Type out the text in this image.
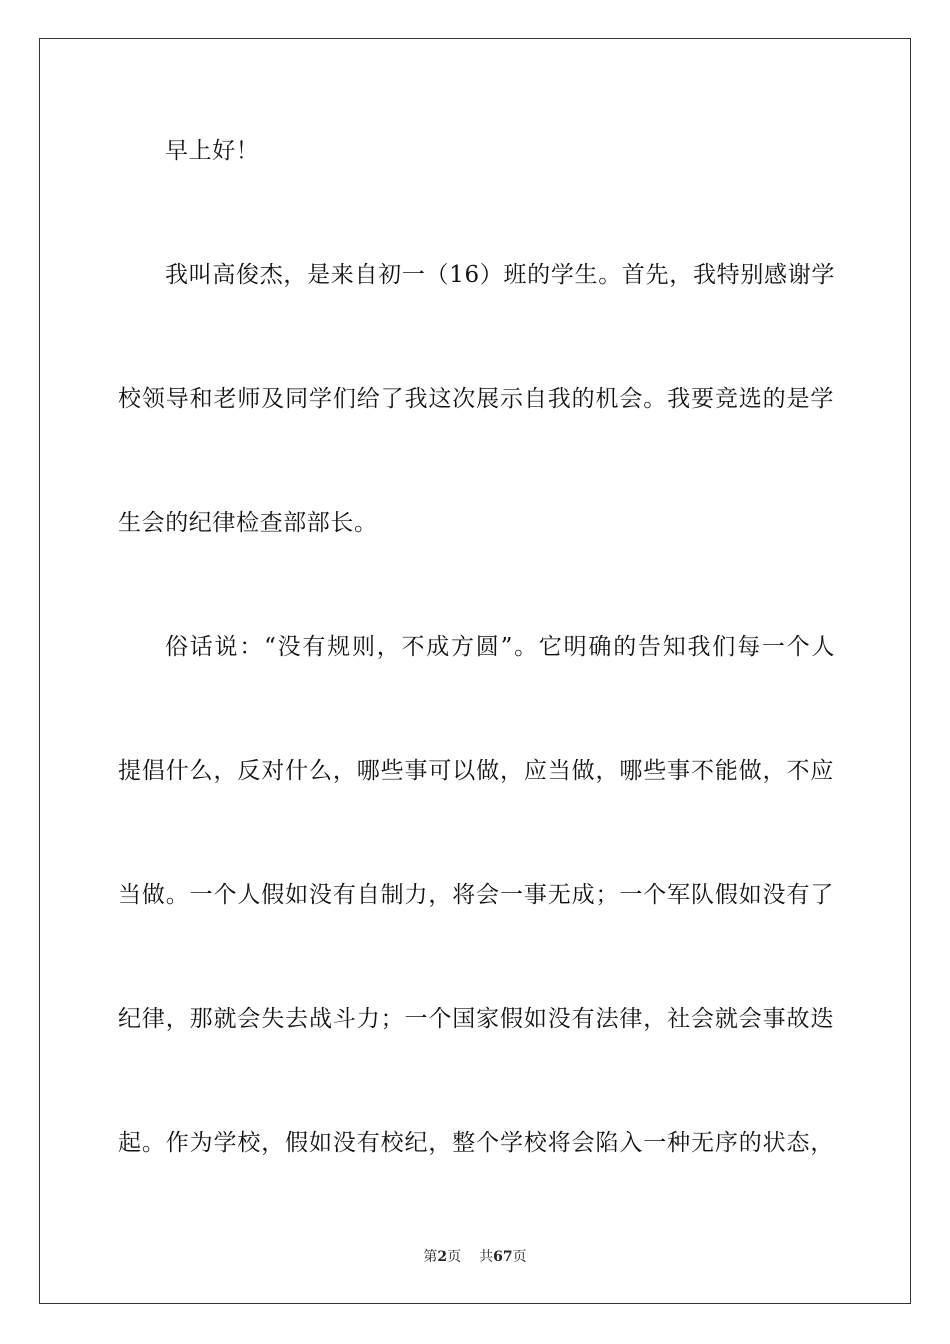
早上好！
我叫高俊杰，是来自初一（16）班的学生。首先，我特别感谢学
校领导和老师及同学们给了我这次展示自我的机会。我要竞选的是学
生会的纪律检查部部长。
俗话说：“没有规则，不成方圆”。它明确的告知我们每一个人
提倡什么，反对什么，哪些事可以做，应当做，哪些事不能做，不应
当做。一个人假如没有自制力，将会一事无成；一个军队假如没有了
纪律，那就会失去战斗力；一个国家假如没有法律，社会就会事故迭
起。作为学校，假如没有校纪，整个学校将会陷入一种无序的状态，
第2页 共67页
